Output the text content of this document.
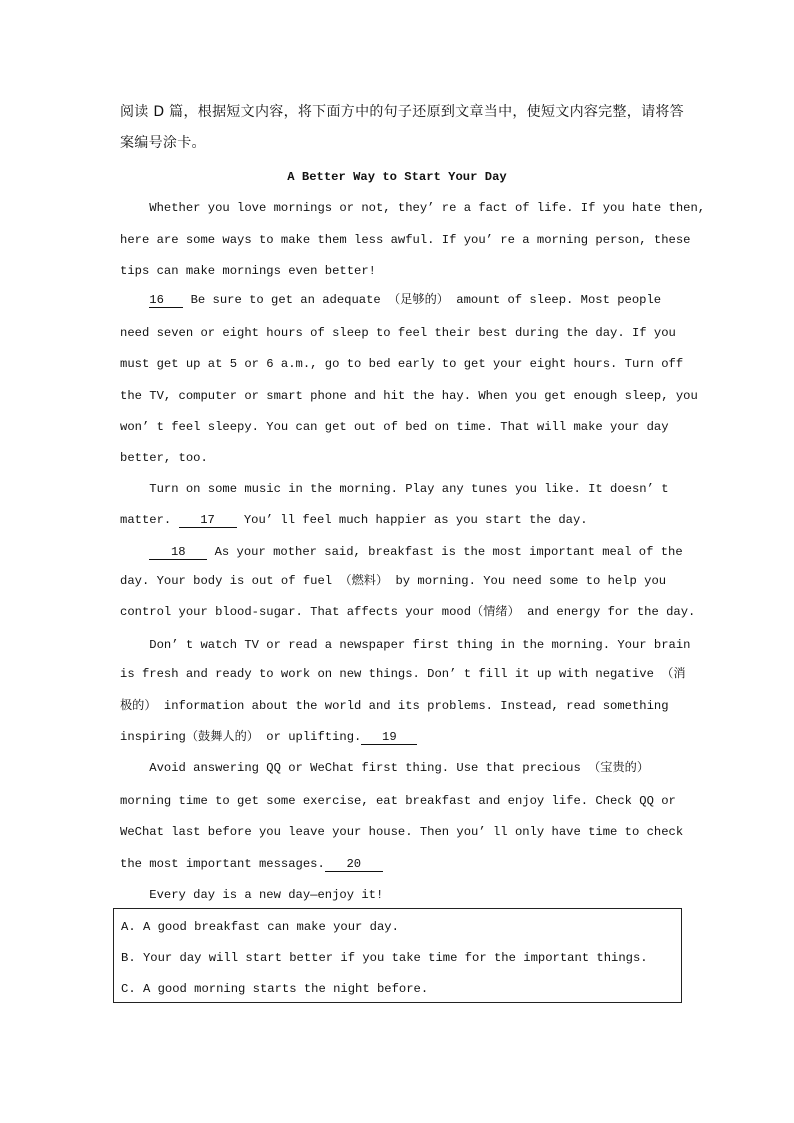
阅读 D 篇，根据短文内容，将下面方中的句子还原到文章当中，使短文内容完整，请将答
案编号涂卡。
A Better Way to Start Your Day
Whether you love mornings or not, they’ re a fact of life. If you hate then,
here are some ways to make them less awful. If you’ re a morning person, these
tips can make mornings even better!
16 Be sure to get an adequate （足够的） amount of sleep. Most people
need seven or eight hours of sleep to feel their best during the day. If you
must get up at 5 or 6 a.m., go to bed early to get your eight hours. Turn off
the TV, computer or smart phone and hit the hay. When you get enough sleep, you
won’ t feel sleepy. You can get out of bed on time. That will make your day
better, too.
Turn on some music in the morning. Play any tunes you like. It doesn’ t
matter. 17 You’ ll feel much happier as you start the day.
18 As your mother said, breakfast is the most important meal of the
day. Your body is out of fuel （燃料） by morning. You need some to help you
control your blood-sugar. That affects your mood（情绪） and energy for the day.
Don’ t watch TV or read a newspaper first thing in the morning. Your brain
is fresh and ready to work on new things. Don’ t fill it up with negative （消
极的） information about the world and its problems. Instead, read something
inspiring（鼓舞人的） or uplifting. 19
Avoid answering QQ or WeChat first thing. Use that precious （宝贵的）
morning time to get some exercise, eat breakfast and enjoy life. Check QQ or
WeChat last before you leave your house. Then you’ ll only have time to check
the most important messages. 20
Every day is a new day—enjoy it!
A. A good breakfast can make your day.
B. Your day will start better if you take time for the important things.
C. A good morning starts the night before.
